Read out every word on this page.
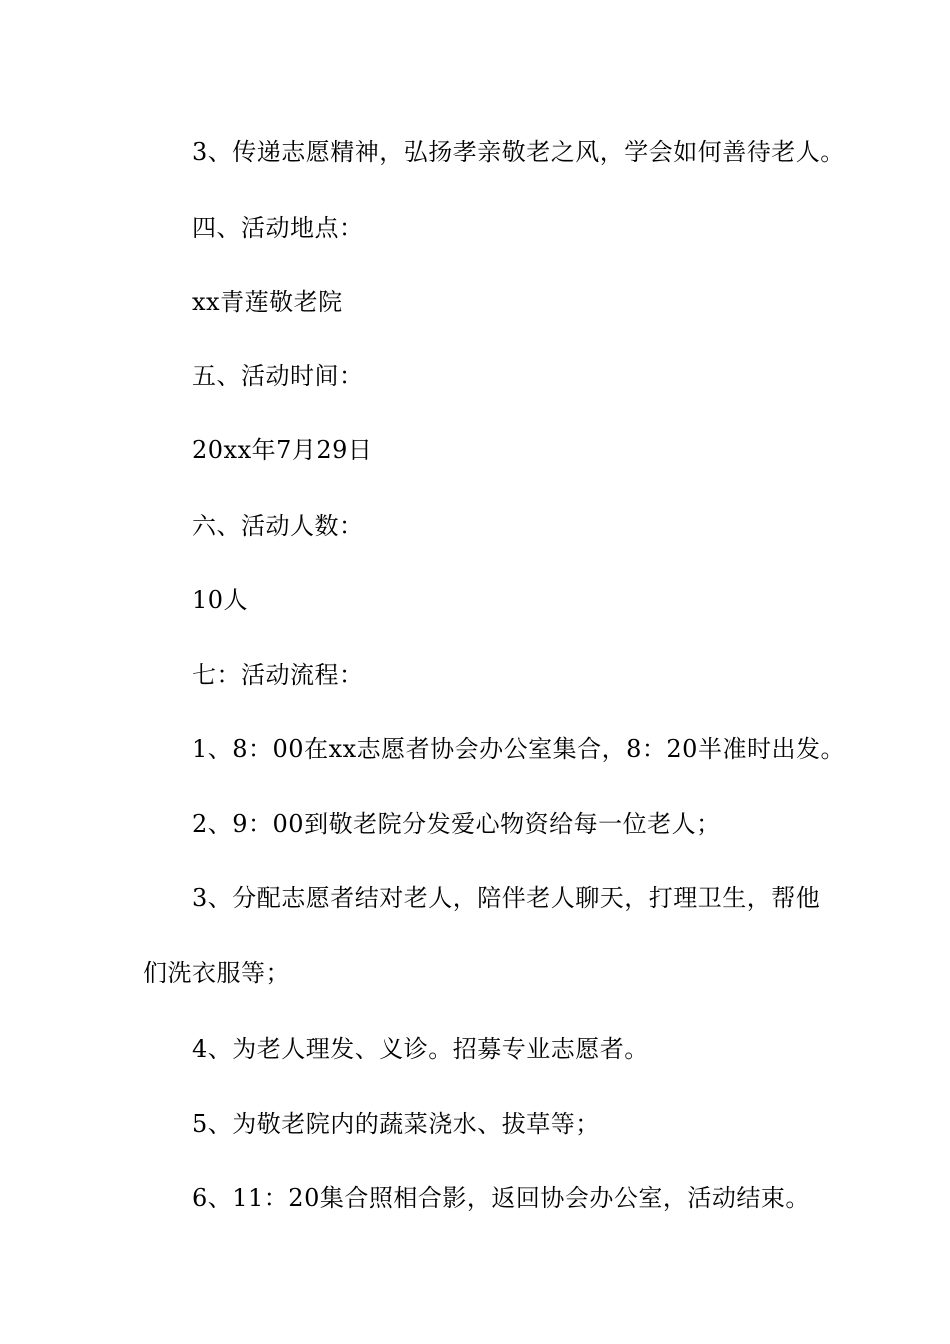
3、传递志愿精神，弘扬孝亲敬老之风，学会如何善待老人。
四、活动地点：
xx青莲敬老院
五、活动时间：
20xx年7月29日
六、活动人数：
10人
七：活动流程：
1、8：00在xx志愿者协会办公室集合，8：20半准时出发。
2、9：00到敬老院分发爱心物资给每一位老人；
3、分配志愿者结对老人，陪伴老人聊天，打理卫生，帮他
们洗衣服等；
4、为老人理发、义诊。招募专业志愿者。
5、为敬老院内的蔬菜浇水、拔草等；
6、11：20集合照相合影，返回协会办公室，活动结束。
